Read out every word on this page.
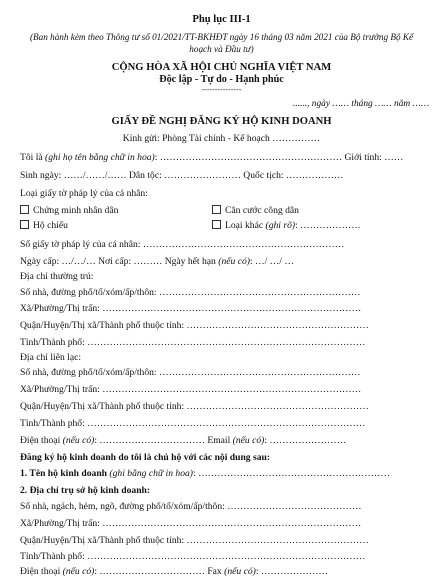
Phụ lục III-1
(Ban hành kèm theo Thông tư số 01/2021/TT-BKHĐT ngày 16 tháng 03 năm 2021 của Bộ trưởng Bộ Kế
hoạch và Đầu tư)
CỘNG HÒA XÃ HỘI CHỦ NGHĨA VIỆT NAM
Độc lập - Tự do - Hạnh phúc
---------------
......, ngày …… tháng …… năm ……
GIẤY ĐỀ NGHỊ ĐĂNG KÝ HỘ KINH DOANH
Kính gửi: Phòng Tài chính - Kế hoạch ……………
Tôi là (ghi họ tên bằng chữ in hoa): ………………………………………………… Giới tính: ……
Sinh ngày: ……/……/…… Dân tộc: …………………… Quốc tịch: ………………
Loại giấy tờ pháp lý của cá nhân:
Chứng minh nhân dân	Căn cước công dân
Hộ chiếu	Loại khác (ghi rõ): ……………….
Số giấy tờ pháp lý của cá nhân: ………………………………………………………
Ngày cấp: …/…/… Nơi cấp: ……… Ngày hết hạn (nếu có): …/ …/ …
Địa chỉ thường trú:
Số nhà, đường phố/tổ/xóm/ấp/thôn: ………………………………………………………
Xã/Phường/Thị trấn: ………………………………………………………………………
Quận/Huyện/Thị xã/Thành phố thuộc tỉnh: …………………………………………………
Tỉnh/Thành phố: ……………………………………………………………………………
Địa chỉ liên lạc:
Số nhà, đường phố/tổ/xóm/ấp/thôn: ………………………………………………………
Xã/Phường/Thị trấn: ………………………………………………………………………
Quận/Huyện/Thị xã/Thành phố thuộc tỉnh: …………………………………………………
Tỉnh/Thành phố: ……………………………………………………………………………
Điện thoại (nếu có): …………………………… Email (nếu có): ……………………
Đăng ký hộ kinh doanh do tôi là chủ hộ với các nội dung sau:
1. Tên hộ kinh doanh (ghi bằng chữ in hoa): ……………………………………………………
2. Địa chỉ trụ sở hộ kinh doanh:
Số nhà, ngách, hẻm, ngõ, đường phố/tổ/xóm/ấp/thôn: ……………………………………
Xã/Phường/Thị trấn: ………………………………………………………………………
Quận/Huyện/Thị xã/Thành phố thuộc tỉnh: …………………………………………………
Tỉnh/Thành phố: ……………………………………………………………………………
Điện thoại (nếu có): …………………………… Fax (nếu có): …………………
